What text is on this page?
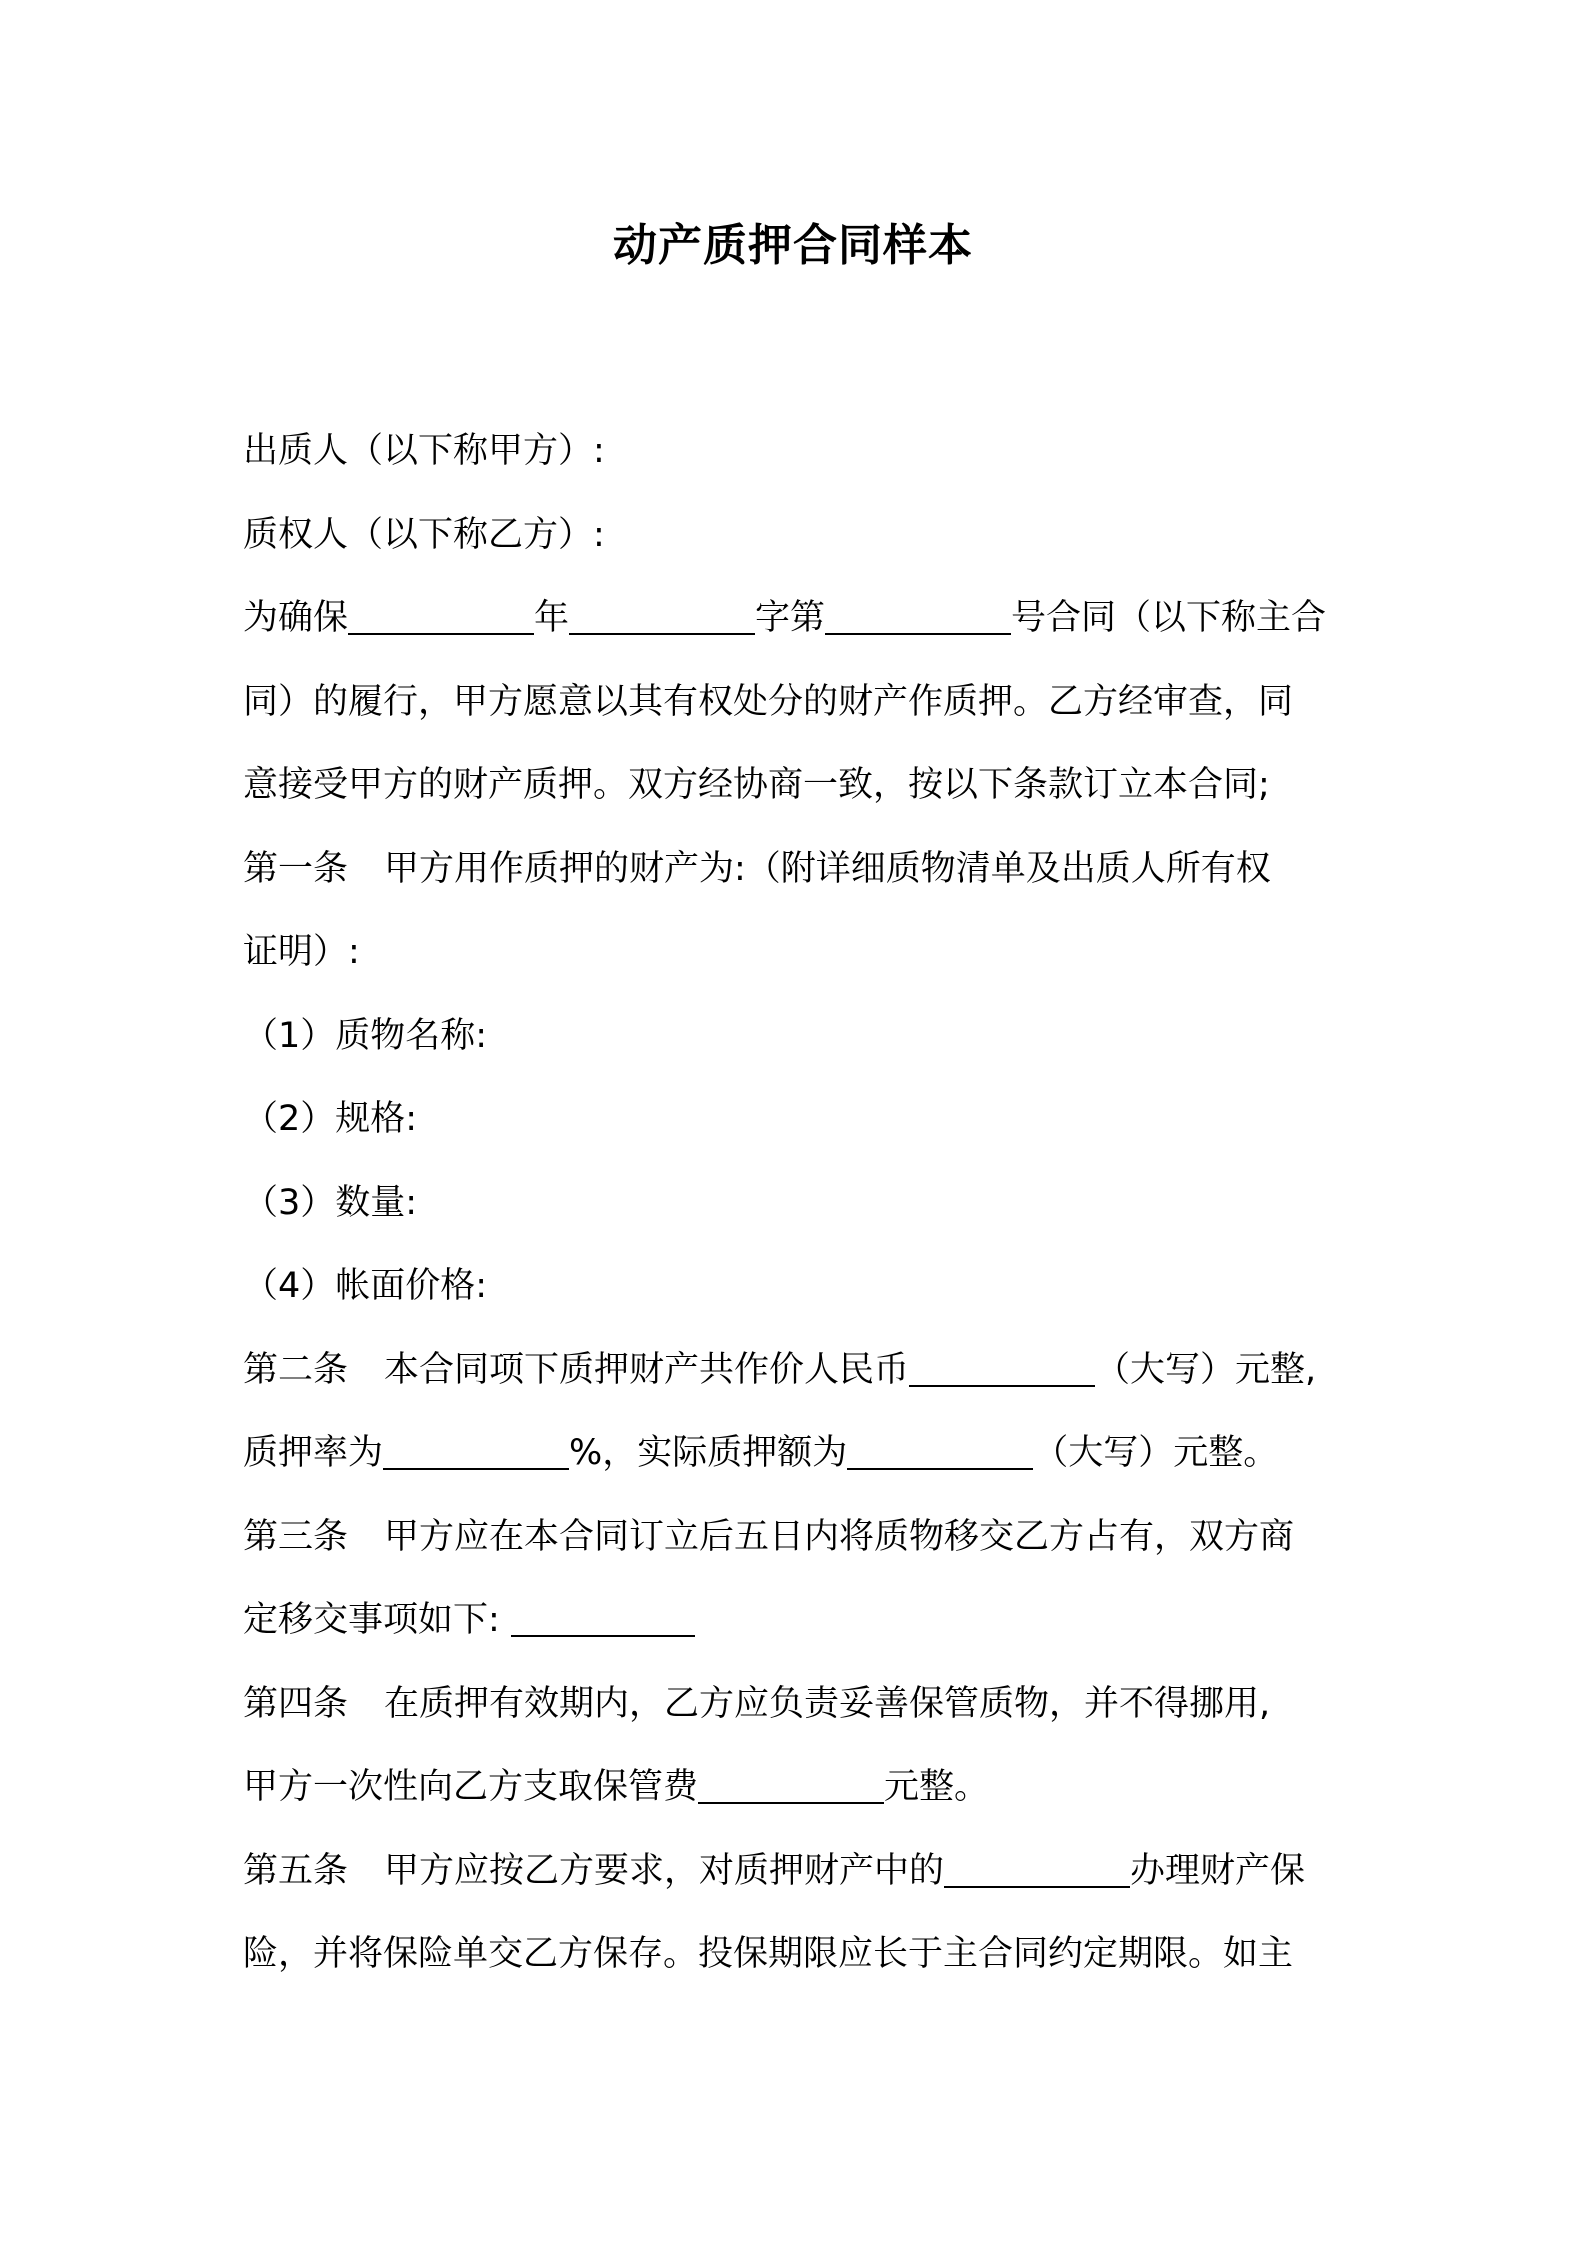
动产质押合同样本
出质人（以下称甲方）:
质权人（以下称乙方）:
为确保	年	字第	号合同（以下称主合
同）的履行，甲方愿意以其有权处分的财产作质押。乙方经审查，同
意接受甲方的财产质押。双方经协商一致，按以下条款订立本合同;
第一条 甲方用作质押的财产为:（附详细质物清单及出质人所有权
证明）:
（1）质物名称:
（2）规格:
（3）数量:
（4）帐面价格:
第二条 本合同项下质押财产共作价人民币	（大写）元整,
质押率为	%，实际质押额为	（大写）元整。
第三条 甲方应在本合同订立后五日内将质物移交乙方占有，双方商
定移交事项如下:
第四条 在质押有效期内，乙方应负责妥善保管质物，并不得挪用,
甲方一次性向乙方支取保管费	元整。
第五条 甲方应按乙方要求，对质押财产中的	办理财产保
险，并将保险单交乙方保存。投保期限应长于主合同约定期限。如主
